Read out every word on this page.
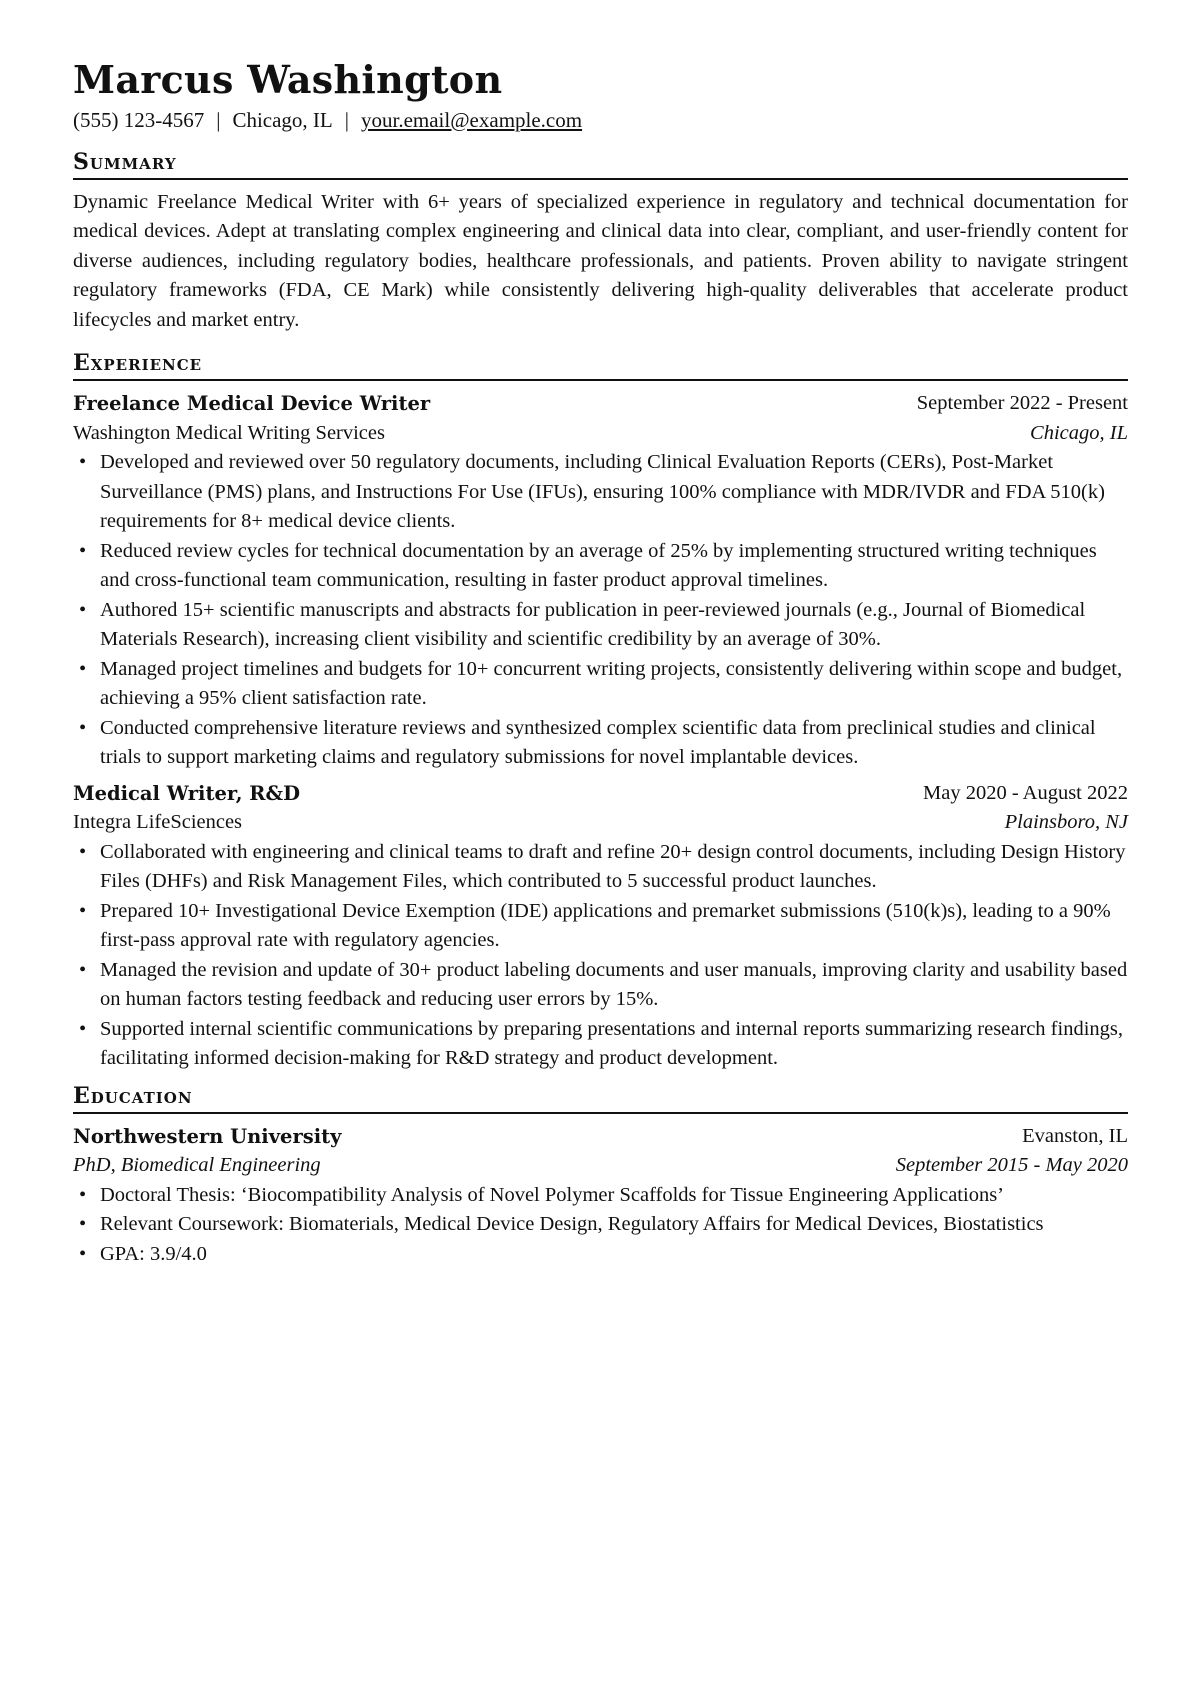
Marcus Washington
(555) 123-4567 | Chicago, IL | your.email@example.com
Summary
Dynamic Freelance Medical Writer with 6+ years of specialized experience in regulatory and technical documentation for medical devices. Adept at translating complex engineering and clinical data into clear, compliant, and user-friendly content for diverse audiences, including regulatory bodies, healthcare professionals, and patients. Proven ability to navigate stringent regulatory frameworks (FDA, CE Mark) while consistently delivering high-quality deliverables that accelerate product lifecycles and market entry.
Experience
Freelance Medical Device Writer	September 2022 - Present
Washington Medical Writing Services	Chicago, IL
• Developed and reviewed over 50 regulatory documents, including Clinical Evaluation Reports (CERs), Post-Market Surveillance (PMS) plans, and Instructions For Use (IFUs), ensuring 100% compliance with MDR/IVDR and FDA 510(k) requirements for 8+ medical device clients.
• Reduced review cycles for technical documentation by an average of 25% by implementing structured writing techniques and cross-functional team communication, resulting in faster product approval timelines.
• Authored 15+ scientific manuscripts and abstracts for publication in peer-reviewed journals (e.g., Journal of Biomedical Materials Research), increasing client visibility and scientific credibility by an average of 30%.
• Managed project timelines and budgets for 10+ concurrent writing projects, consistently delivering within scope and budget, achieving a 95% client satisfaction rate.
• Conducted comprehensive literature reviews and synthesized complex scientific data from preclinical studies and clinical trials to support marketing claims and regulatory submissions for novel implantable devices.
Medical Writer, R&D	May 2020 - August 2022
Integra LifeSciences	Plainsboro, NJ
• Collaborated with engineering and clinical teams to draft and refine 20+ design control documents, including Design History Files (DHFs) and Risk Management Files, which contributed to 5 successful product launches.
• Prepared 10+ Investigational Device Exemption (IDE) applications and premarket submissions (510(k)s), leading to a 90% first-pass approval rate with regulatory agencies.
• Managed the revision and update of 30+ product labeling documents and user manuals, improving clarity and usability based on human factors testing feedback and reducing user errors by 15%.
• Supported internal scientific communications by preparing presentations and internal reports summarizing research findings, facilitating informed decision-making for R&D strategy and product development.
Education
Northwestern University	Evanston, IL
PhD, Biomedical Engineering	September 2015 - May 2020
• Doctoral Thesis: ‘Biocompatibility Analysis of Novel Polymer Scaffolds for Tissue Engineering Applications’
• Relevant Coursework: Biomaterials, Medical Device Design, Regulatory Affairs for Medical Devices, Biostatistics
• GPA: 3.9/4.0
